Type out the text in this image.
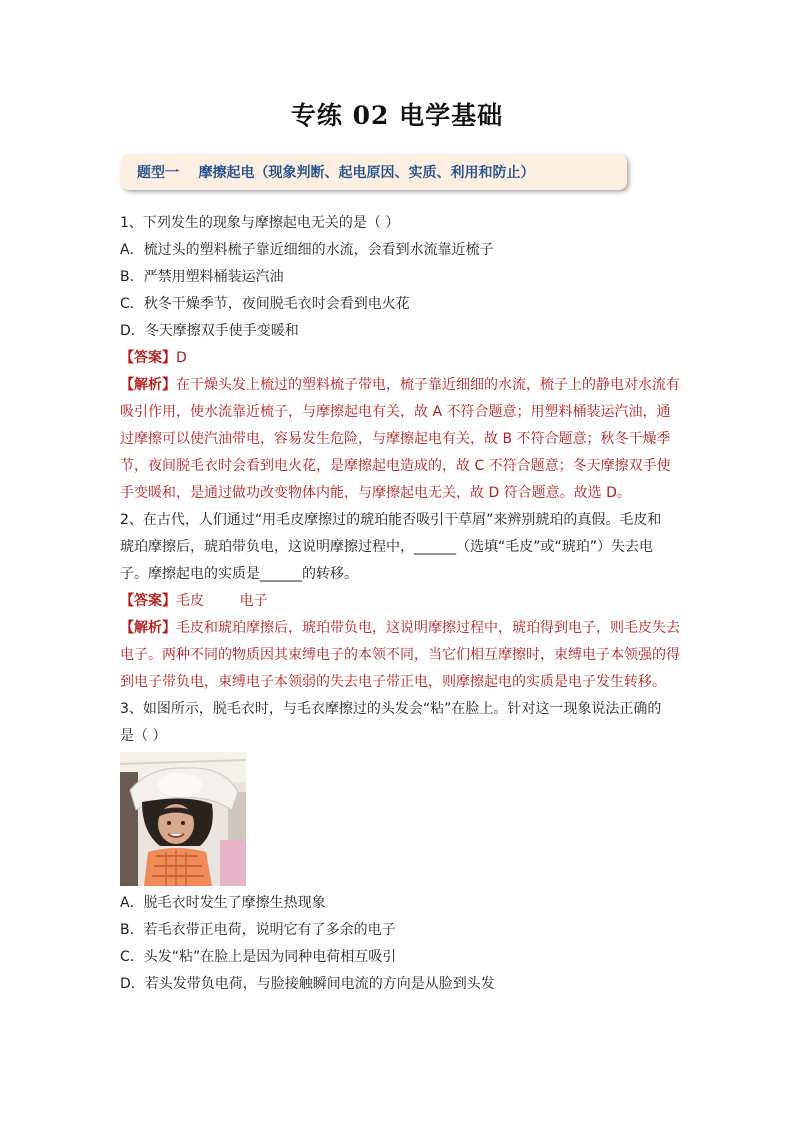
专练 02 电学基础
题型一    摩擦起电（现象判断、起电原因、实质、利用和防止）

1、下列发生的现象与摩擦起电无关的是（ ）

A．梳过头的塑料梳子靠近细细的水流，会看到水流靠近梳子

B．严禁用塑料桶装运汽油

C．秋冬干燥季节，夜间脱毛衣时会看到电火花

D．冬天摩擦双手使手变暖和

【答案】D

【解析】在干燥头发上梳过的塑料梳子带电，梳子靠近细细的水流，梳子上的静电对水流有

吸引作用，使水流靠近梳子，与摩擦起电有关，故 A 不符合题意；用塑料桶装运汽油，通

过摩擦可以使汽油带电，容易发生危险，与摩擦起电有关，故 B 不符合题意；秋冬干燥季

节，夜间脱毛衣时会看到电火花，是摩擦起电造成的，故 C 不符合题意；冬天摩擦双手使

手变暖和，是通过做功改变物体内能，与摩擦起电无关，故 D 符合题意。故选 D。

2、在古代，人们通过“用毛皮摩擦过的琥珀能否吸引干草屑”来辨别琥珀的真假。毛皮和

琥珀摩擦后，琥珀带负电，这说明摩擦过程中，______（选填“毛皮”或“琥珀”）失去电

子。摩擦起电的实质是______的转移。

【答案】毛皮        电子

【解析】毛皮和琥珀摩擦后，琥珀带负电，这说明摩擦过程中，琥珀得到电子，则毛皮失去

电子。两种不同的物质因其束缚电子的本领不同，当它们相互摩擦时，束缚电子本领强的得

到电子带负电，束缚电子本领弱的失去电子带正电，则摩擦起电的实质是电子发生转移。

3、如图所示，脱毛衣时，与毛衣摩擦过的头发会“粘”在脸上。针对这一现象说法正确的

是（ ）

A．脱毛衣时发生了摩擦生热现象

B．若毛衣带正电荷，说明它有了多余的电子

C．头发“粘”在脸上是因为同种电荷相互吸引

D．若头发带负电荷，与脸接触瞬间电流的方向是从脸到头发
